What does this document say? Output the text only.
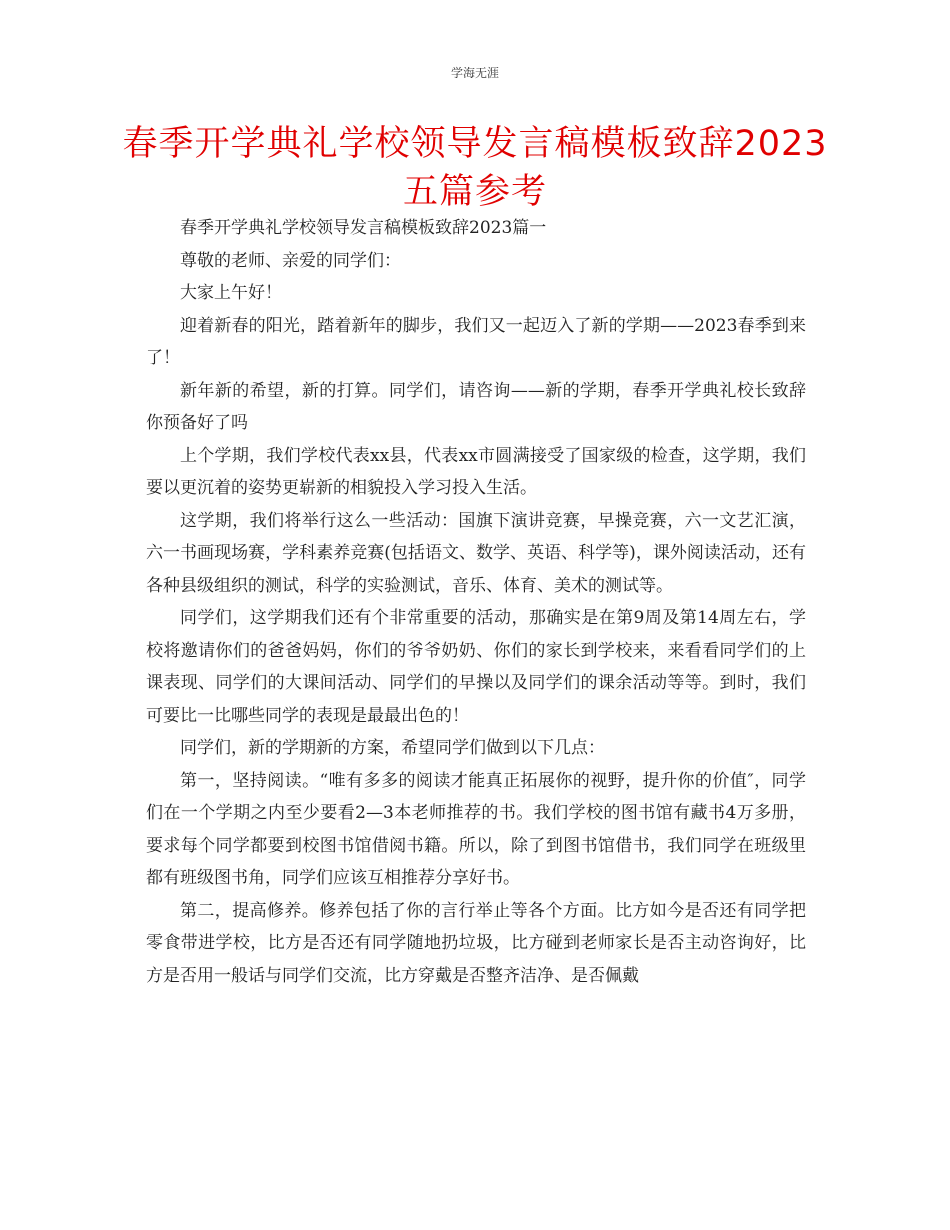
学海无涯
春季开学典礼学校领导发言稿模板致辞2023五篇参考

春季开学典礼学校领导发言稿模板致辞2023篇一

尊敬的老师、亲爱的同学们：

大家上午好！

迎着新春的阳光，踏着新年的脚步，我们又一起迈入了新的学期——2023春季到来了！

新年新的希望，新的打算。同学们，请咨询——新的学期，春季开学典礼校长致辞你预备好了吗

上个学期，我们学校代表xx县，代表xx市圆满接受了国家级的检查，这学期，我们要以更沉着的姿势更崭新的相貌投入学习投入生活。

这学期，我们将举行这么一些活动：国旗下演讲竞赛，早操竞赛，六一文艺汇演，六一书画现场赛，学科素养竞赛(包括语文、数学、英语、科学等)，课外阅读活动，还有各种县级组织的测试，科学的实验测试，音乐、体育、美术的测试等。

同学们，这学期我们还有个非常重要的活动，那确实是在第9周及第14周左右，学校将邀请你们的爸爸妈妈，你们的爷爷奶奶、你们的家长到学校来，来看看同学们的上课表现、同学们的大课间活动、同学们的早操以及同学们的课余活动等等。到时，我们可要比一比哪些同学的表现是最最出色的！

同学们，新的学期新的方案，希望同学们做到以下几点：

第一，坚持阅读。“唯有多多的阅读才能真正拓展你的视野，提升你的价值″，同学们在一个学期之内至少要看2—3本老师推荐的书。我们学校的图书馆有藏书4万多册，要求每个同学都要到校图书馆借阅书籍。所以，除了到图书馆借书，我们同学在班级里都有班级图书角，同学们应该互相推荐分享好书。

第二，提高修养。修养包括了你的言行举止等各个方面。比方如今是否还有同学把零食带进学校，比方是否还有同学随地扔垃圾，比方碰到老师家长是否主动咨询好，比方是否用一般话与同学们交流，比方穿戴是否整齐洁净、是否佩戴
